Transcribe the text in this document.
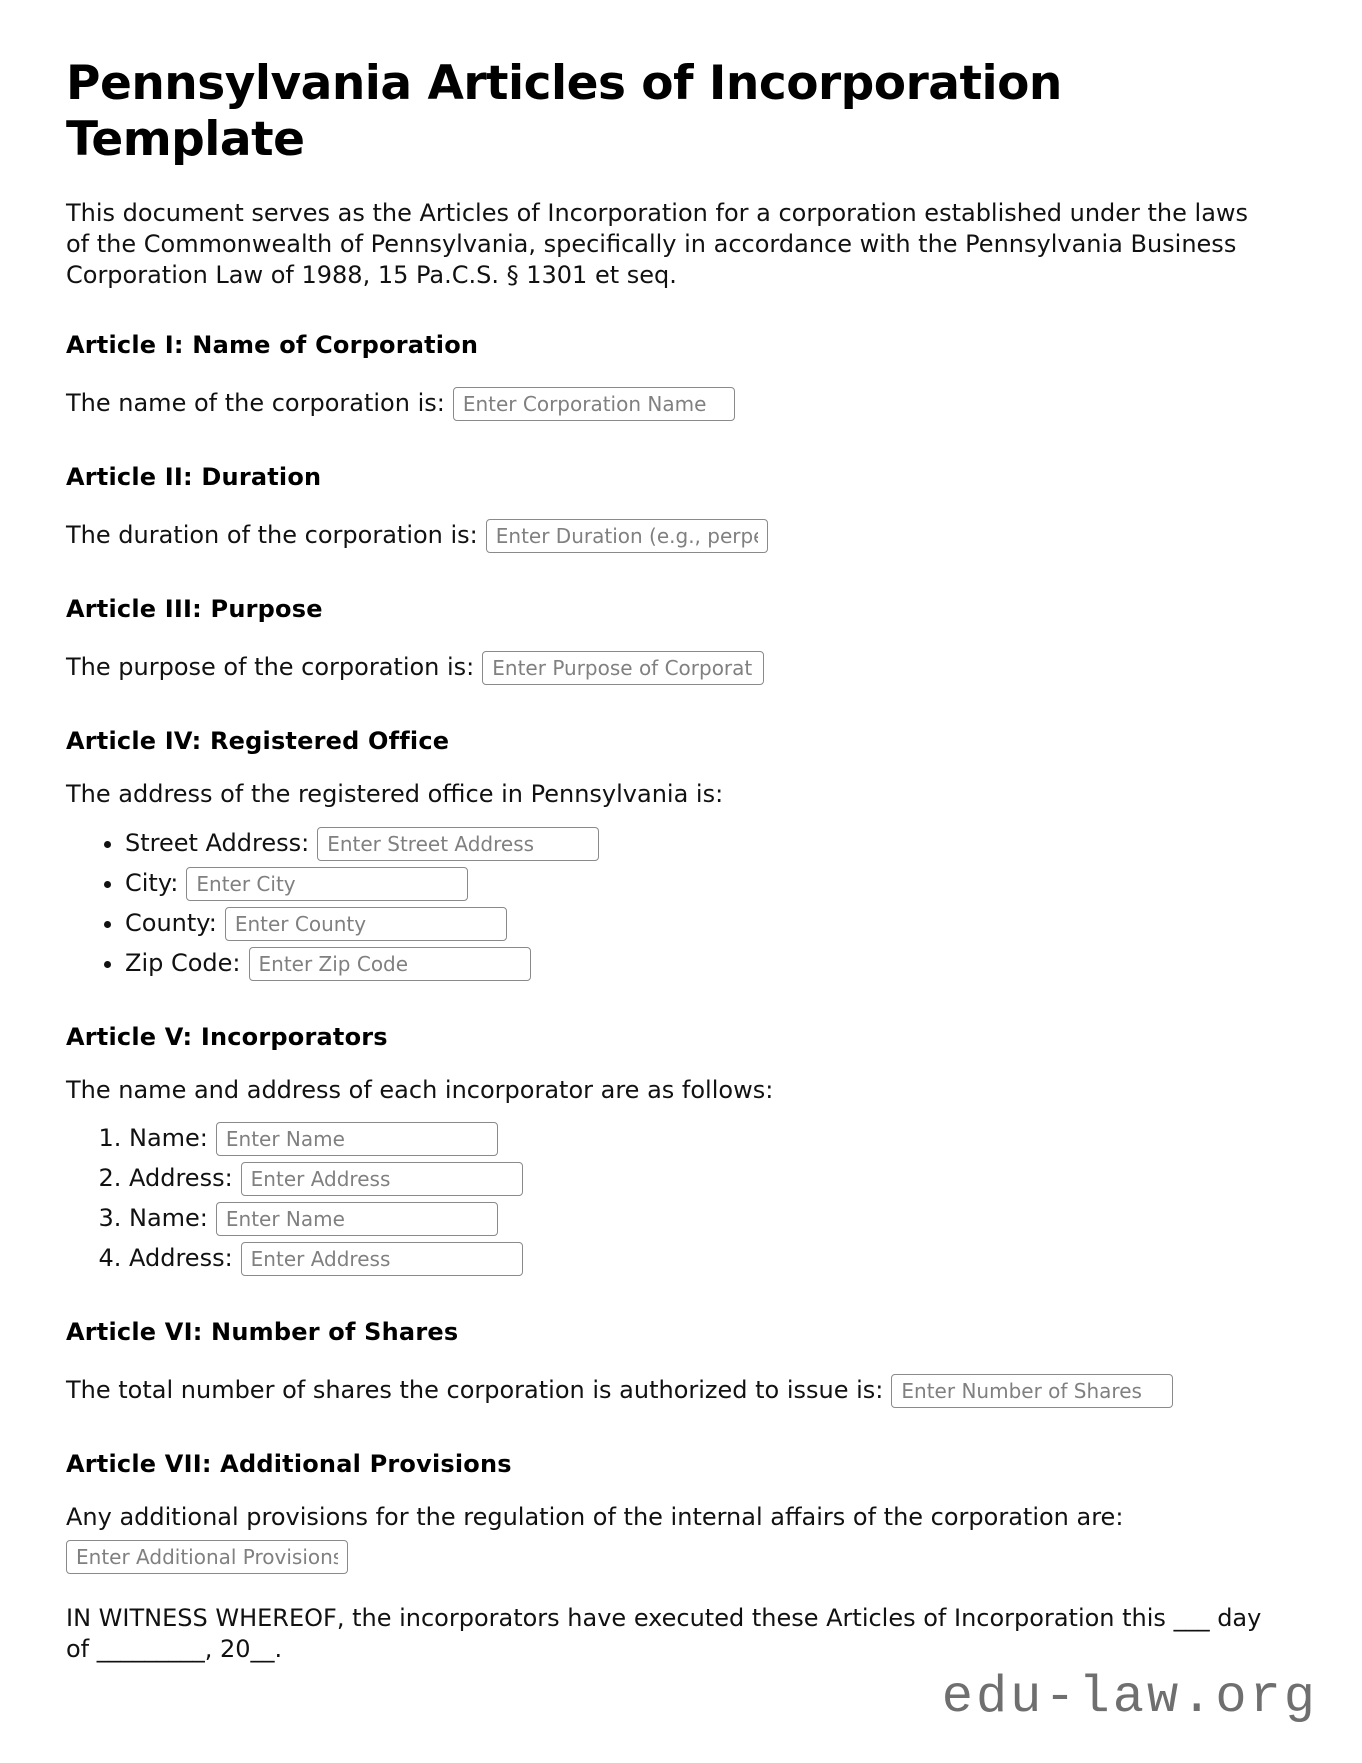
Pennsylvania Articles of Incorporation Template

This document serves as the Articles of Incorporation for a corporation established under the laws of the Commonwealth of Pennsylvania, specifically in accordance with the Pennsylvania Business Corporation Law of 1988, 15 Pa.C.S. § 1301 et seq.

Article I: Name of Corporation
The name of the corporation is:Enter Corporation Name
Article II: Duration
The duration of the corporation is:Enter Duration (e.g., perpetual)
Article III: Purpose
The purpose of the corporation is:Enter Purpose of Corporation
Article IV: Registered Office

The address of the registered office in Pennsylvania is:

• Street Address:Enter Street Address
• City:Enter City
• County:Enter County
• Zip Code:Enter Zip Code
Article V: Incorporators

The name and address of each incorporator are as follows:

1. Name:Enter Name
2. Address:Enter Address
3. Name:Enter Name
4. Address:Enter Address
Article VI: Number of Shares
The total number of shares the corporation is authorized to issue is:Enter Number of Shares
Article VII: Additional Provisions

Any additional provisions for the regulation of the internal affairs of the corporation are:

Enter Additional Provisions

IN WITNESS WHEREOF, the incorporators have executed these Articles of Incorporation this ___ day of _________, 20__.

edu-law.org
